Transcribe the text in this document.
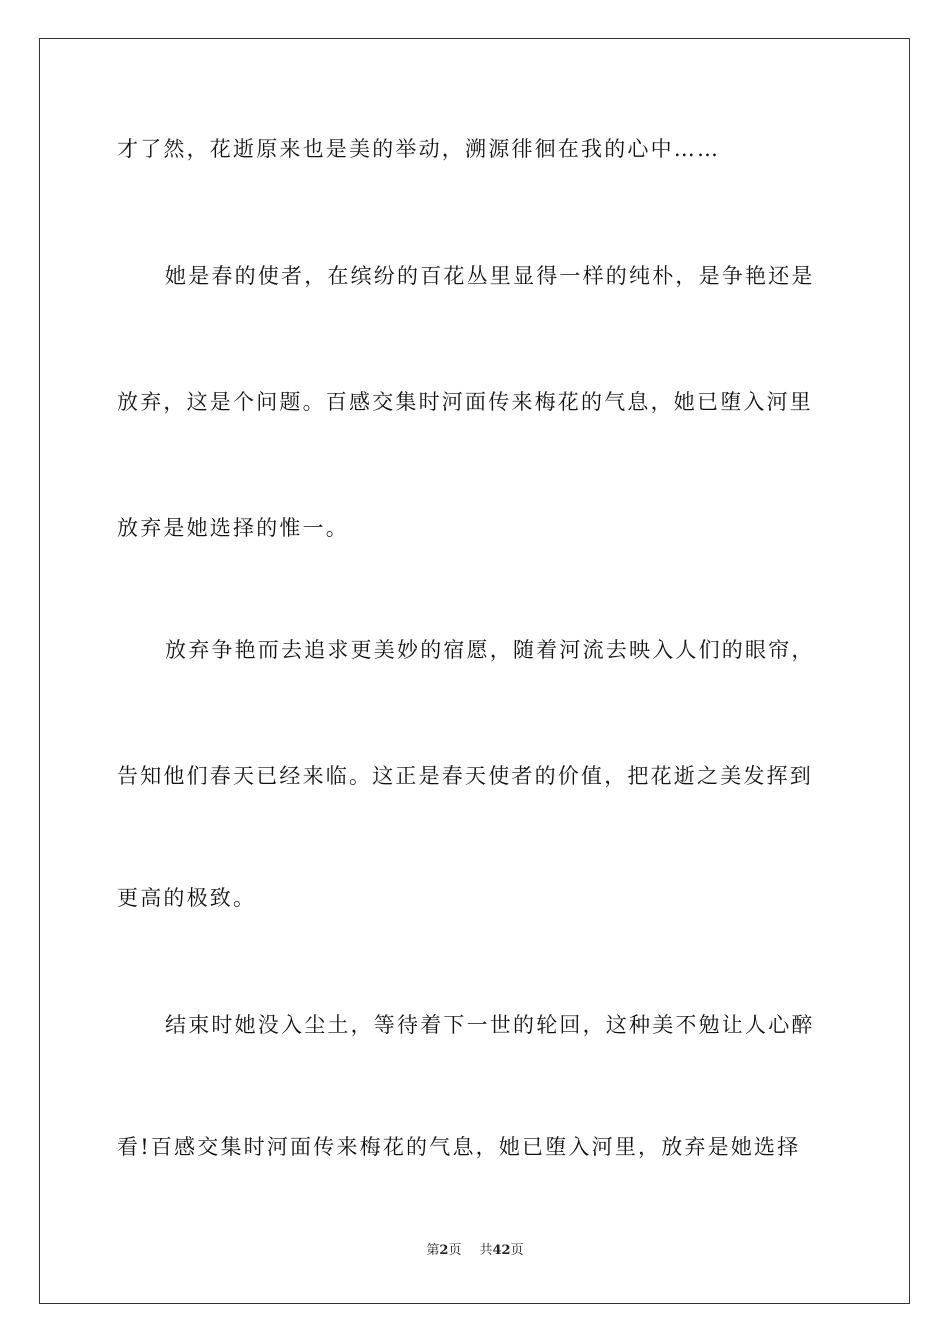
才了然，花逝原来也是美的举动，溯源徘徊在我的心中……
她是春的使者，在缤纷的百花丛里显得一样的纯朴，是争艳还是
放弃，这是个问题。百感交集时河面传来梅花的气息，她已堕入河里
放弃是她选择的惟一。
放弃争艳而去追求更美妙的宿愿，随着河流去映入人们的眼帘，
告知他们春天已经来临。这正是春天使者的价值，把花逝之美发挥到
更高的极致。
结束时她没入尘土，等待着下一世的轮回，这种美不勉让人心醉
看!百感交集时河面传来梅花的气息，她已堕入河里，放弃是她选择
第2页 共42页
